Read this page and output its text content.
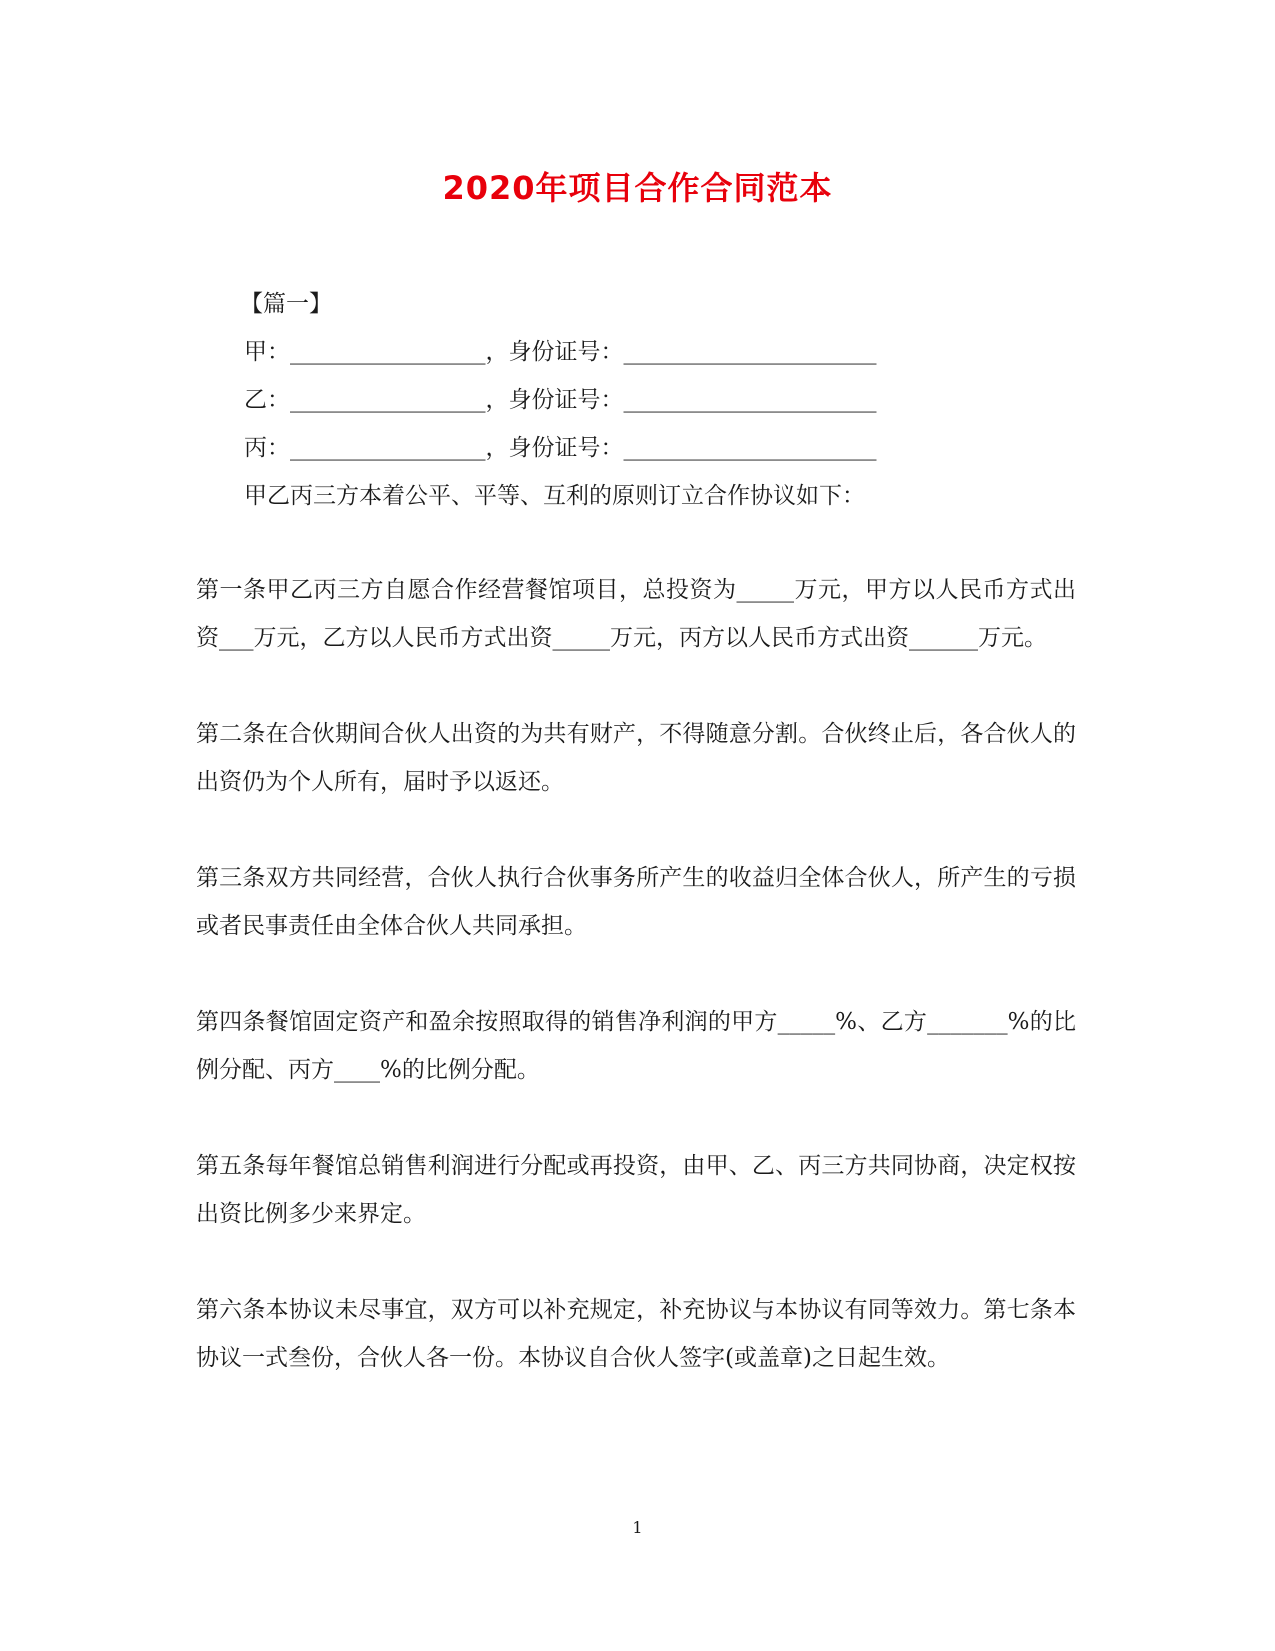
2020年项目合作合同范本

【篇一】

甲：_________________，身份证号：______________________

乙：_________________，身份证号：______________________

丙：_________________，身份证号：______________________

甲乙丙三方本着公平、平等、互利的原则订立合作协议如下：

第一条甲乙丙三方自愿合作经营餐馆项目，总投资为_____万元，甲方以人民币方式出资___万元，乙方以人民币方式出资_____万元，丙方以人民币方式出资______万元。

第二条在合伙期间合伙人出资的为共有财产，不得随意分割。合伙终止后，各合伙人的出资仍为个人所有，届时予以返还。

第三条双方共同经营，合伙人执行合伙事务所产生的收益归全体合伙人，所产生的亏损或者民事责任由全体合伙人共同承担。

第四条餐馆固定资产和盈余按照取得的销售净利润的甲方_____%、乙方_______%的比例分配、丙方____%的比例分配。

第五条每年餐馆总销售利润进行分配或再投资，由甲、乙、丙三方共同协商，决定权按出资比例多少来界定。

第六条本协议未尽事宜，双方可以补充规定，补充协议与本协议有同等效力。第七条本协议一式叁份，合伙人各一份。本协议自合伙人签字(或盖章)之日起生效。

1
